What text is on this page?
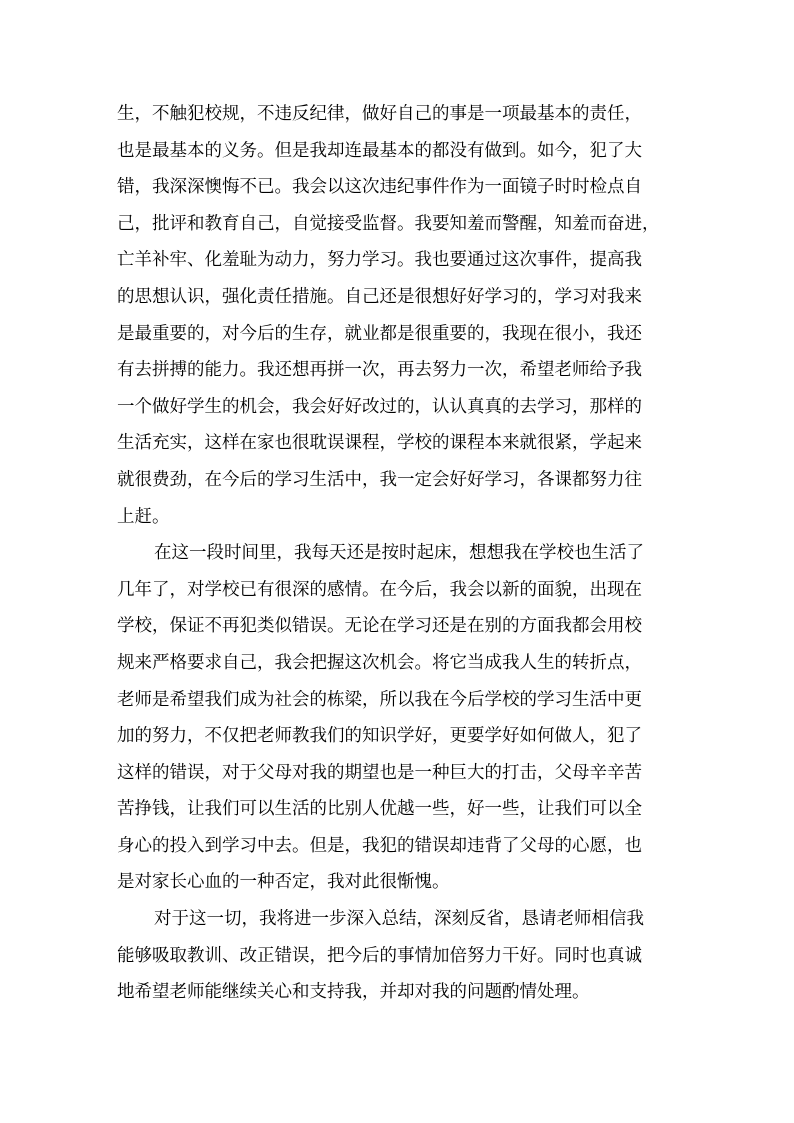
生，不触犯校规，不违反纪律，做好自己的事是一项最基本的责任，
也是最基本的义务。但是我却连最基本的都没有做到。如今，犯了大
错，我深深懊悔不已。我会以这次违纪事件作为一面镜子时时检点自
己，批评和教育自己，自觉接受监督。我要知羞而警醒，知羞而奋进，
亡羊补牢、化羞耻为动力，努力学习。我也要通过这次事件，提高我
的思想认识，强化责任措施。自己还是很想好好学习的，学习对我来
是最重要的，对今后的生存，就业都是很重要的，我现在很小，我还
有去拼搏的能力。我还想再拼一次，再去努力一次，希望老师给予我
一个做好学生的机会，我会好好改过的，认认真真的去学习，那样的
生活充实，这样在家也很耽误课程，学校的课程本来就很紧，学起来
就很费劲，在今后的学习生活中，我一定会好好学习，各课都努力往
上赶。
在这一段时间里，我每天还是按时起床，想想我在学校也生活了
几年了，对学校已有很深的感情。在今后，我会以新的面貌，出现在
学校，保证不再犯类似错误。无论在学习还是在别的方面我都会用校
规来严格要求自己，我会把握这次机会。将它当成我人生的转折点，
老师是希望我们成为社会的栋梁，所以我在今后学校的学习生活中更
加的努力，不仅把老师教我们的知识学好，更要学好如何做人，犯了
这样的错误，对于父母对我的期望也是一种巨大的打击，父母辛辛苦
苦挣钱，让我们可以生活的比别人优越一些，好一些，让我们可以全
身心的投入到学习中去。但是，我犯的错误却违背了父母的心愿，也
是对家长心血的一种否定，我对此很惭愧。
对于这一切，我将进一步深入总结，深刻反省，恳请老师相信我
能够吸取教训、改正错误，把今后的事情加倍努力干好。同时也真诚
地希望老师能继续关心和支持我，并却对我的问题酌情处理。
